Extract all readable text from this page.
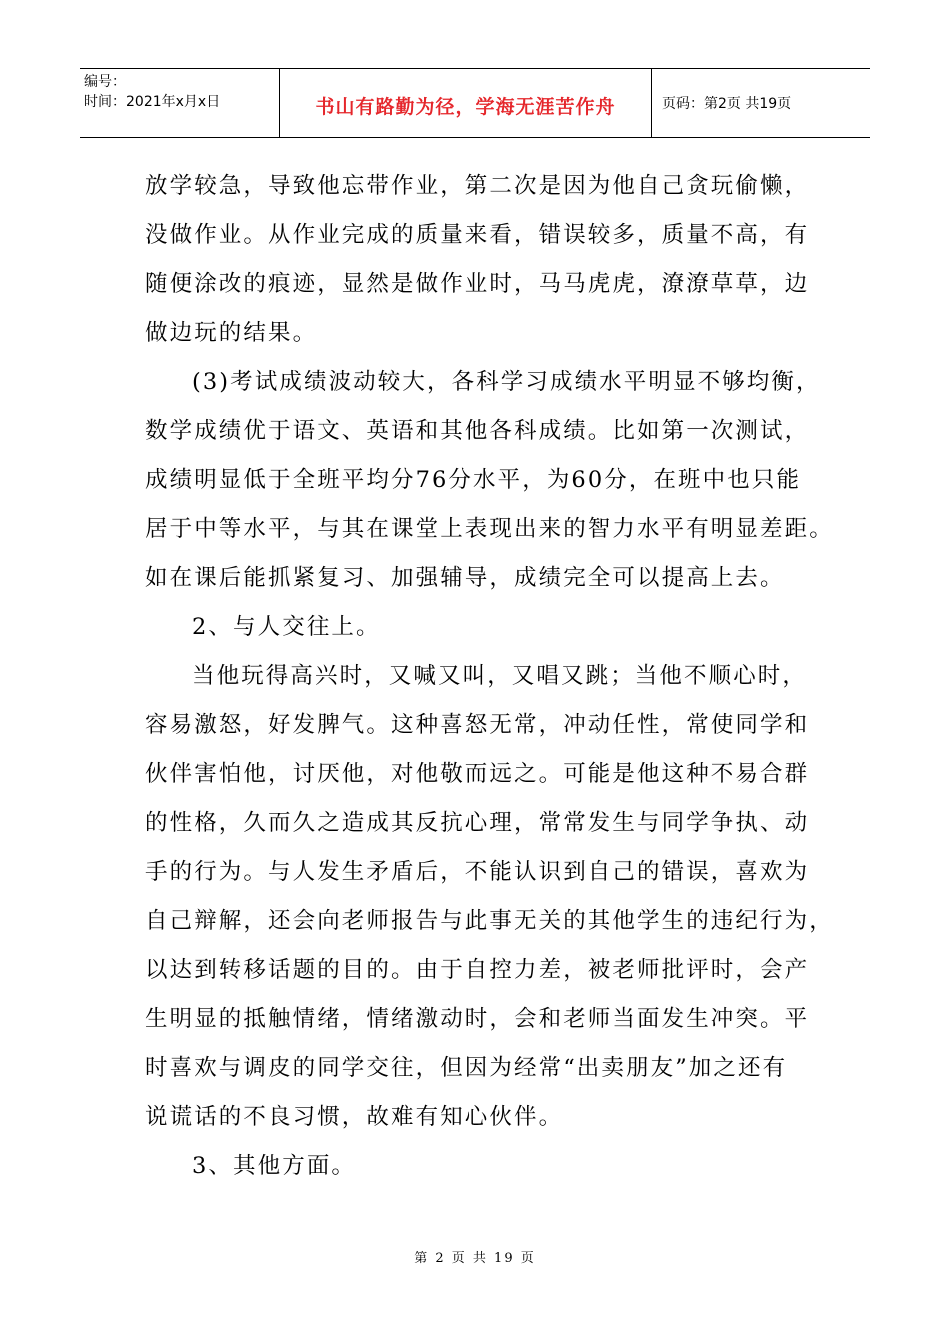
编号：
时间：2021年x月x日	书山有路勤为径，学海无涯苦作舟	页码：第2页 共19页

放学较急，导致他忘带作业，第二次是因为他自己贪玩偷懒，

没做作业。从作业完成的质量来看，错误较多，质量不高，有

随便涂改的痕迹，显然是做作业时，马马虎虎，潦潦草草，边

做边玩的结果。

(3)考试成绩波动较大，各科学习成绩水平明显不够均衡，

数学成绩优于语文、英语和其他各科成绩。比如第一次测试，

成绩明显低于全班平均分76分水平，为60分，在班中也只能

居于中等水平，与其在课堂上表现出来的智力水平有明显差距。

如在课后能抓紧复习、加强辅导，成绩完全可以提高上去。

2、与人交往上。

当他玩得高兴时，又喊又叫，又唱又跳；当他不顺心时，

容易激怒，好发脾气。这种喜怒无常，冲动任性，常使同学和

伙伴害怕他，讨厌他，对他敬而远之。可能是他这种不易合群

的性格，久而久之造成其反抗心理，常常发生与同学争执、动

手的行为。与人发生矛盾后，不能认识到自己的错误，喜欢为

自己辩解，还会向老师报告与此事无关的其他学生的违纪行为，

以达到转移话题的目的。由于自控力差，被老师批评时，会产

生明显的抵触情绪，情绪激动时，会和老师当面发生冲突。平

时喜欢与调皮的同学交往，但因为经常“出卖朋友”加之还有

说谎话的不良习惯，故难有知心伙伴。

3、其他方面。

第 2 页 共 19 页
